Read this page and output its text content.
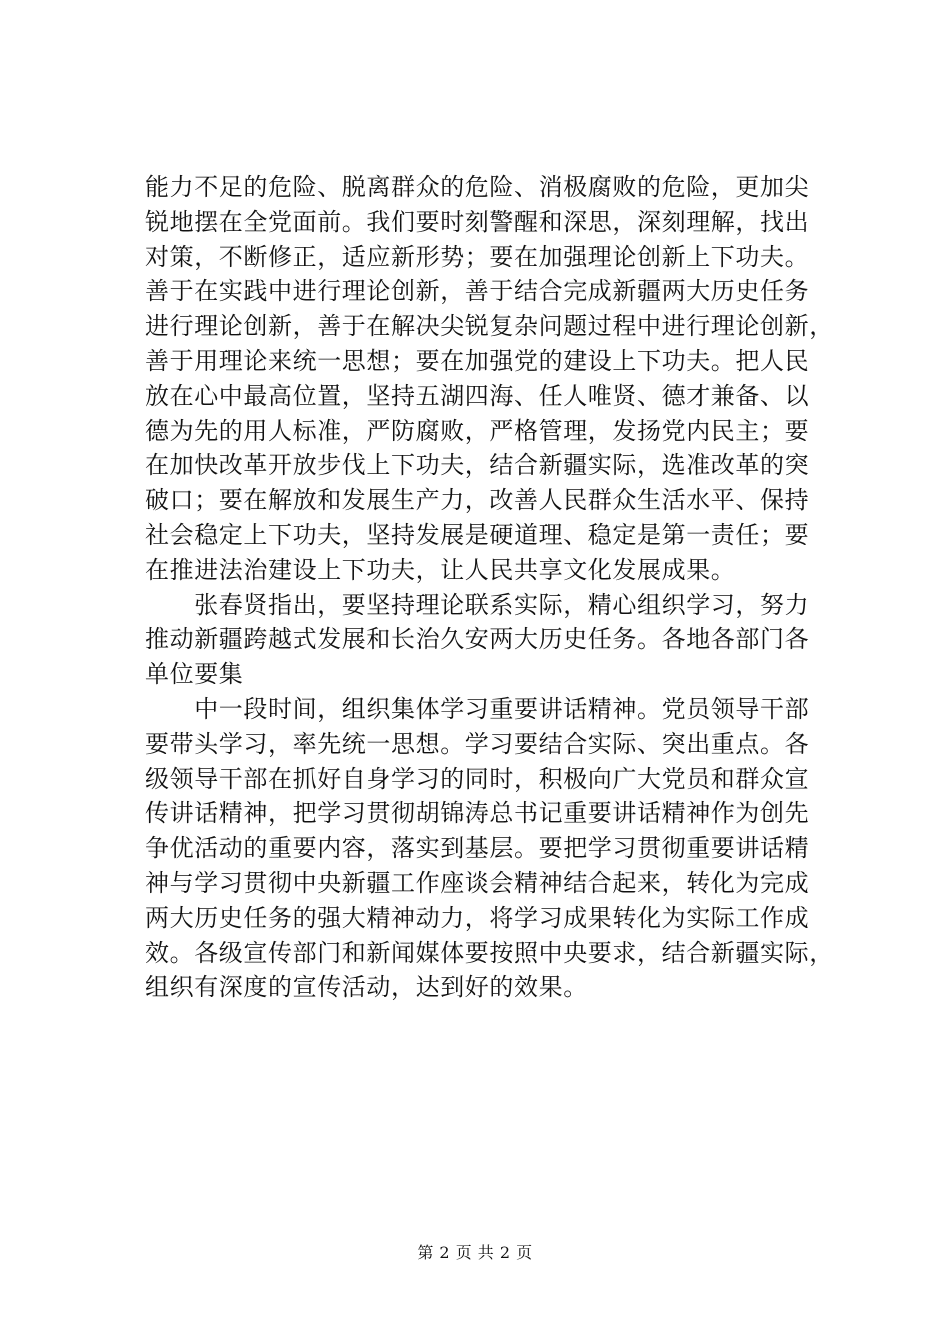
能力不足的危险、脱离群众的危险、消极腐败的危险，更加尖
锐地摆在全党面前。我们要时刻警醒和深思，深刻理解，找出
对策，不断修正，适应新形势；要在加强理论创新上下功夫。
善于在实践中进行理论创新，善于结合完成新疆两大历史任务
进行理论创新，善于在解决尖锐复杂问题过程中进行理论创新，
善于用理论来统一思想；要在加强党的建设上下功夫。把人民
放在心中最高位置，坚持五湖四海、任人唯贤、德才兼备、以
德为先的用人标准，严防腐败，严格管理，发扬党内民主；要
在加快改革开放步伐上下功夫，结合新疆实际，选准改革的突
破口；要在解放和发展生产力，改善人民群众生活水平、保持
社会稳定上下功夫，坚持发展是硬道理、稳定是第一责任；要
在推进法治建设上下功夫，让人民共享文化发展成果。
　　张春贤指出，要坚持理论联系实际，精心组织学习，努力
推动新疆跨越式发展和长治久安两大历史任务。各地各部门各
单位要集
　　中一段时间，组织集体学习重要讲话精神。党员领导干部
要带头学习，率先统一思想。学习要结合实际、突出重点。各
级领导干部在抓好自身学习的同时，积极向广大党员和群众宣
传讲话精神，把学习贯彻胡锦涛总书记重要讲话精神作为创先
争优活动的重要内容，落实到基层。要把学习贯彻重要讲话精
神与学习贯彻中央新疆工作座谈会精神结合起来，转化为完成
两大历史任务的强大精神动力，将学习成果转化为实际工作成
效。各级宣传部门和新闻媒体要按照中央要求，结合新疆实际，
组织有深度的宣传活动，达到好的效果。
第 2 页 共 2 页
